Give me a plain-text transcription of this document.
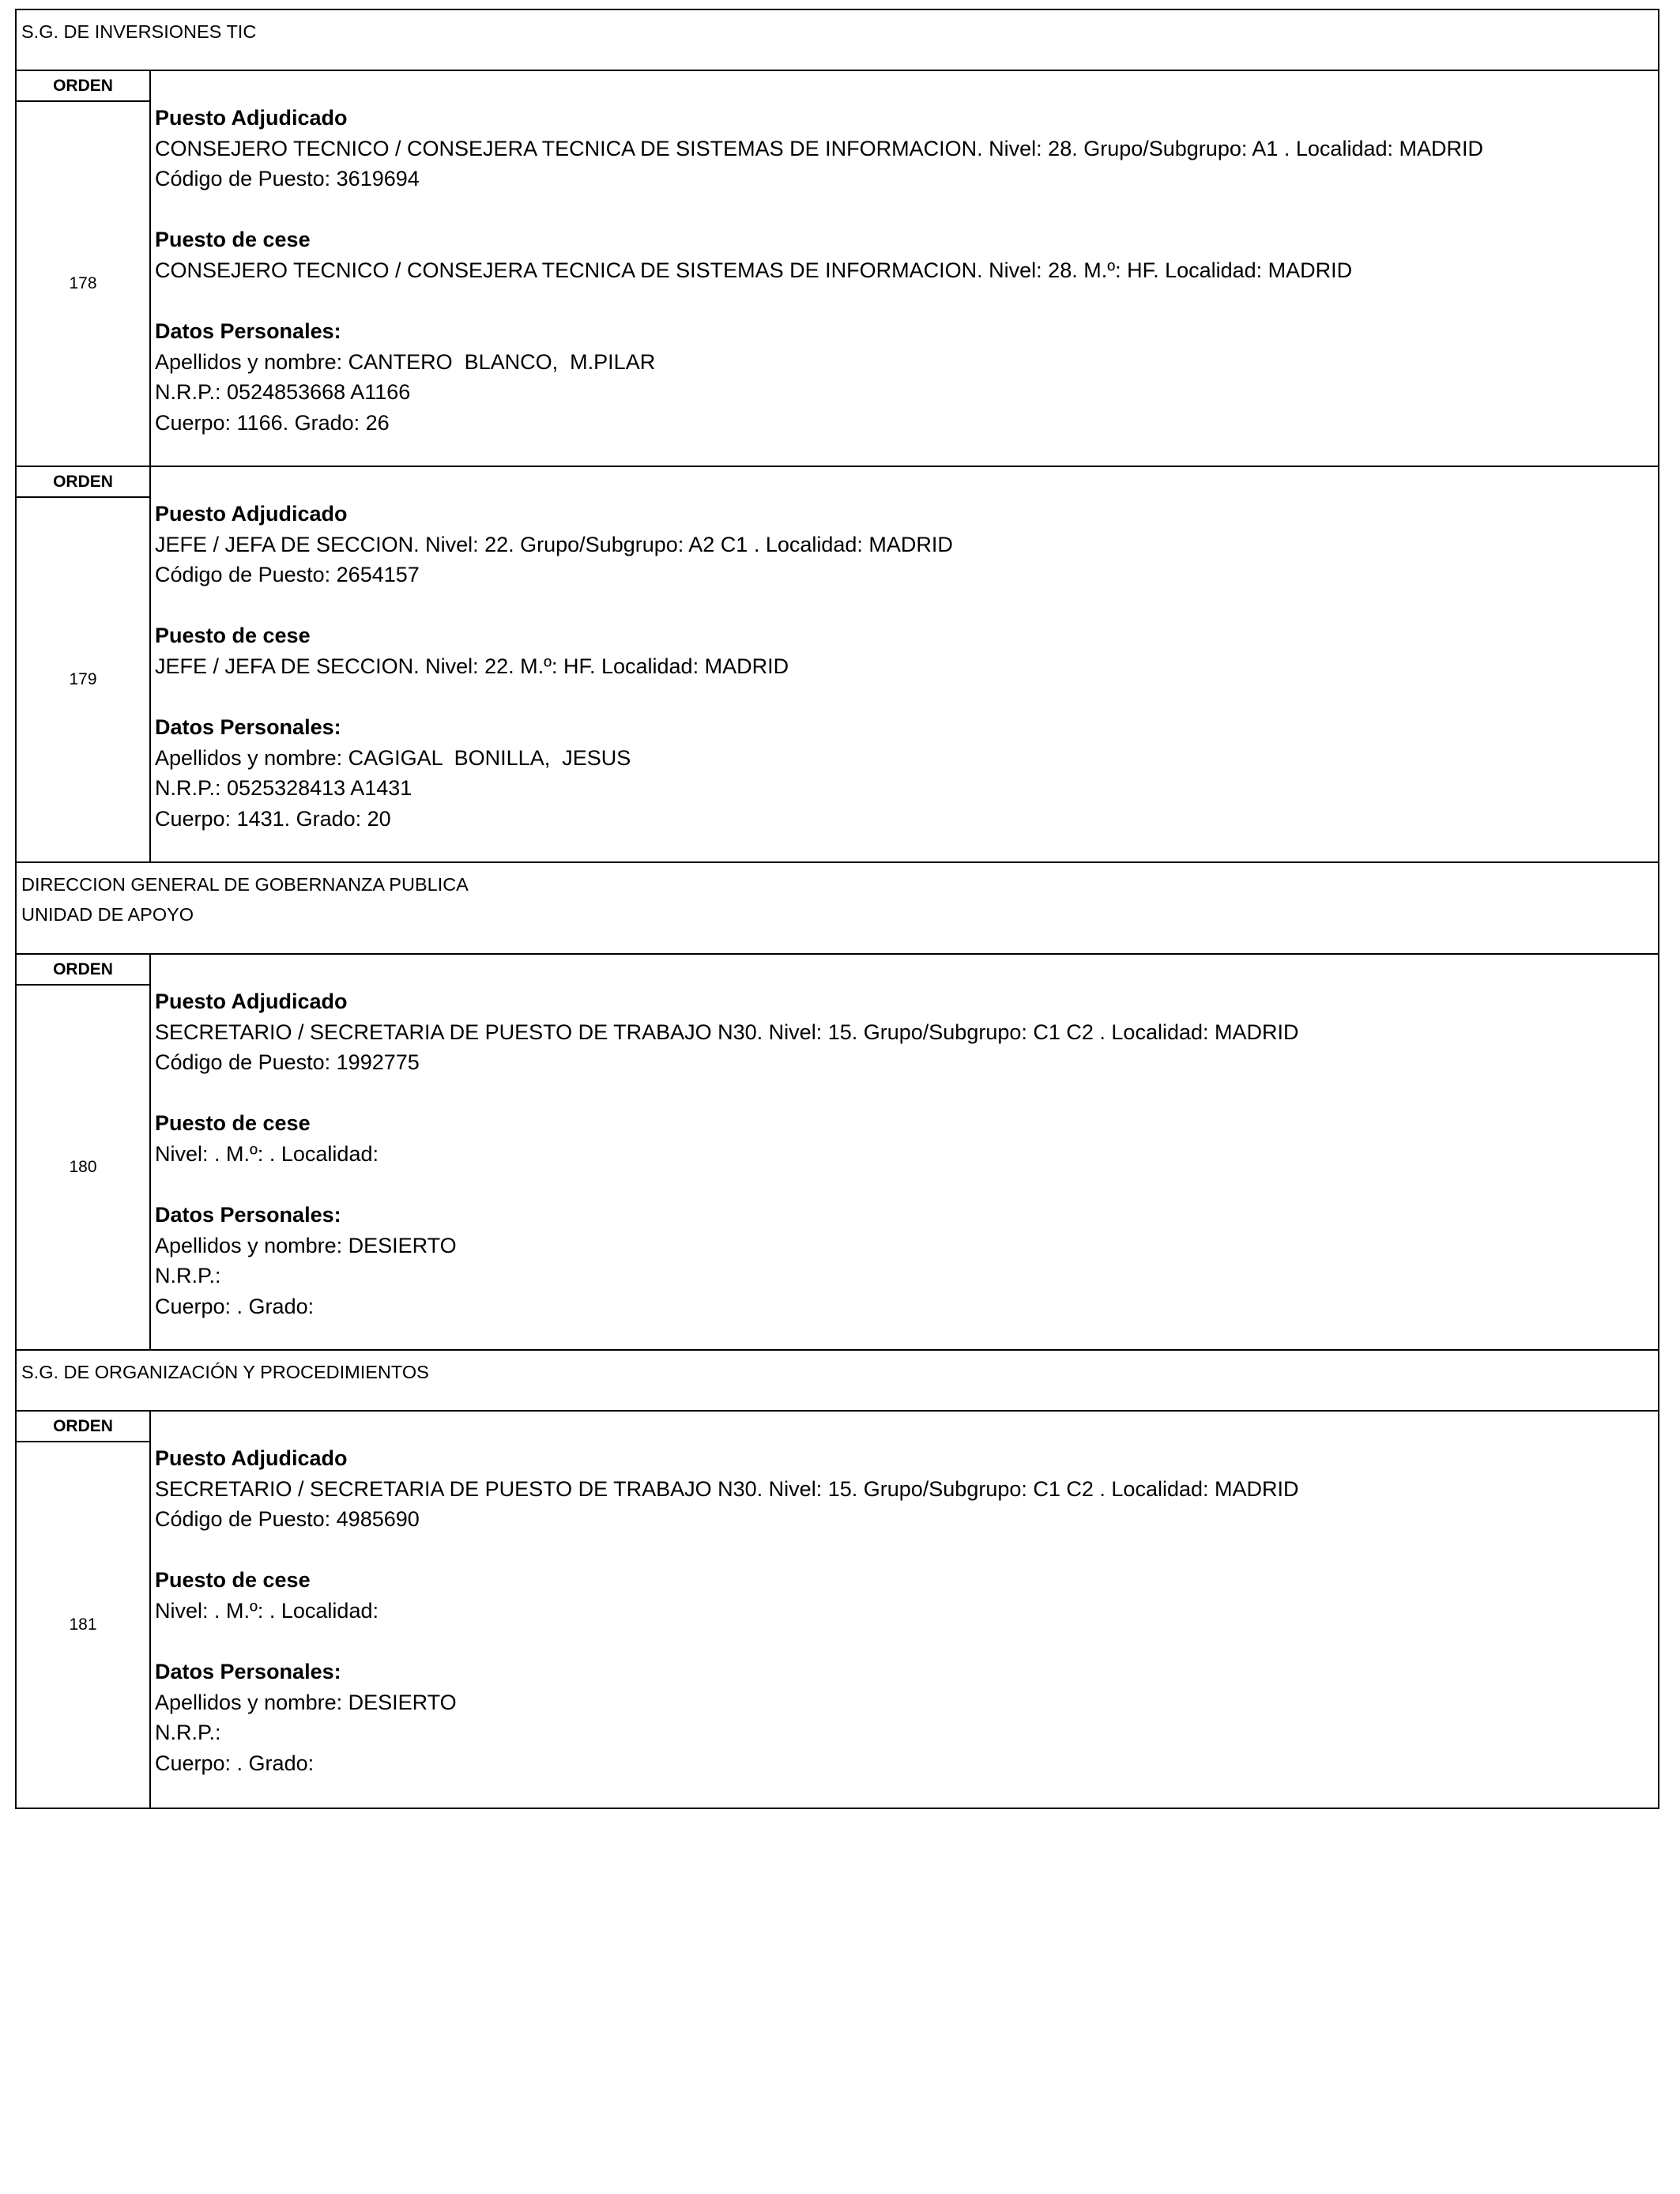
S.G. DE INVERSIONES TIC
ORDEN
178
Puesto Adjudicado
CONSEJERO TECNICO / CONSEJERA TECNICA DE SISTEMAS DE INFORMACION. Nivel: 28. Grupo/Subgrupo: A1 . Localidad: MADRID
Código de Puesto: 3619694
Puesto de cese
CONSEJERO TECNICO / CONSEJERA TECNICA DE SISTEMAS DE INFORMACION. Nivel: 28. M.º: HF. Localidad: MADRID
Datos Personales:
Apellidos y nombre: CANTERO  BLANCO,  M.PILAR
N.R.P.: 0524853668 A1166
Cuerpo: 1166. Grado: 26
ORDEN
179
Puesto Adjudicado
JEFE / JEFA DE SECCION. Nivel: 22. Grupo/Subgrupo: A2 C1 . Localidad: MADRID
Código de Puesto: 2654157
Puesto de cese
JEFE / JEFA DE SECCION. Nivel: 22. M.º: HF. Localidad: MADRID
Datos Personales:
Apellidos y nombre: CAGIGAL  BONILLA,  JESUS
N.R.P.: 0525328413 A1431
Cuerpo: 1431. Grado: 20
DIRECCION GENERAL DE GOBERNANZA PUBLICA
UNIDAD DE APOYO
ORDEN
180
Puesto Adjudicado
SECRETARIO / SECRETARIA DE PUESTO DE TRABAJO N30. Nivel: 15. Grupo/Subgrupo: C1 C2 . Localidad: MADRID
Código de Puesto: 1992775
Puesto de cese
Nivel: . M.º: . Localidad:
Datos Personales:
Apellidos y nombre: DESIERTO
N.R.P.:
Cuerpo: . Grado:
S.G. DE ORGANIZACIÓN Y PROCEDIMIENTOS
ORDEN
181
Puesto Adjudicado
SECRETARIO / SECRETARIA DE PUESTO DE TRABAJO N30. Nivel: 15. Grupo/Subgrupo: C1 C2 . Localidad: MADRID
Código de Puesto: 4985690
Puesto de cese
Nivel: . M.º: . Localidad:
Datos Personales:
Apellidos y nombre: DESIERTO
N.R.P.:
Cuerpo: . Grado:
